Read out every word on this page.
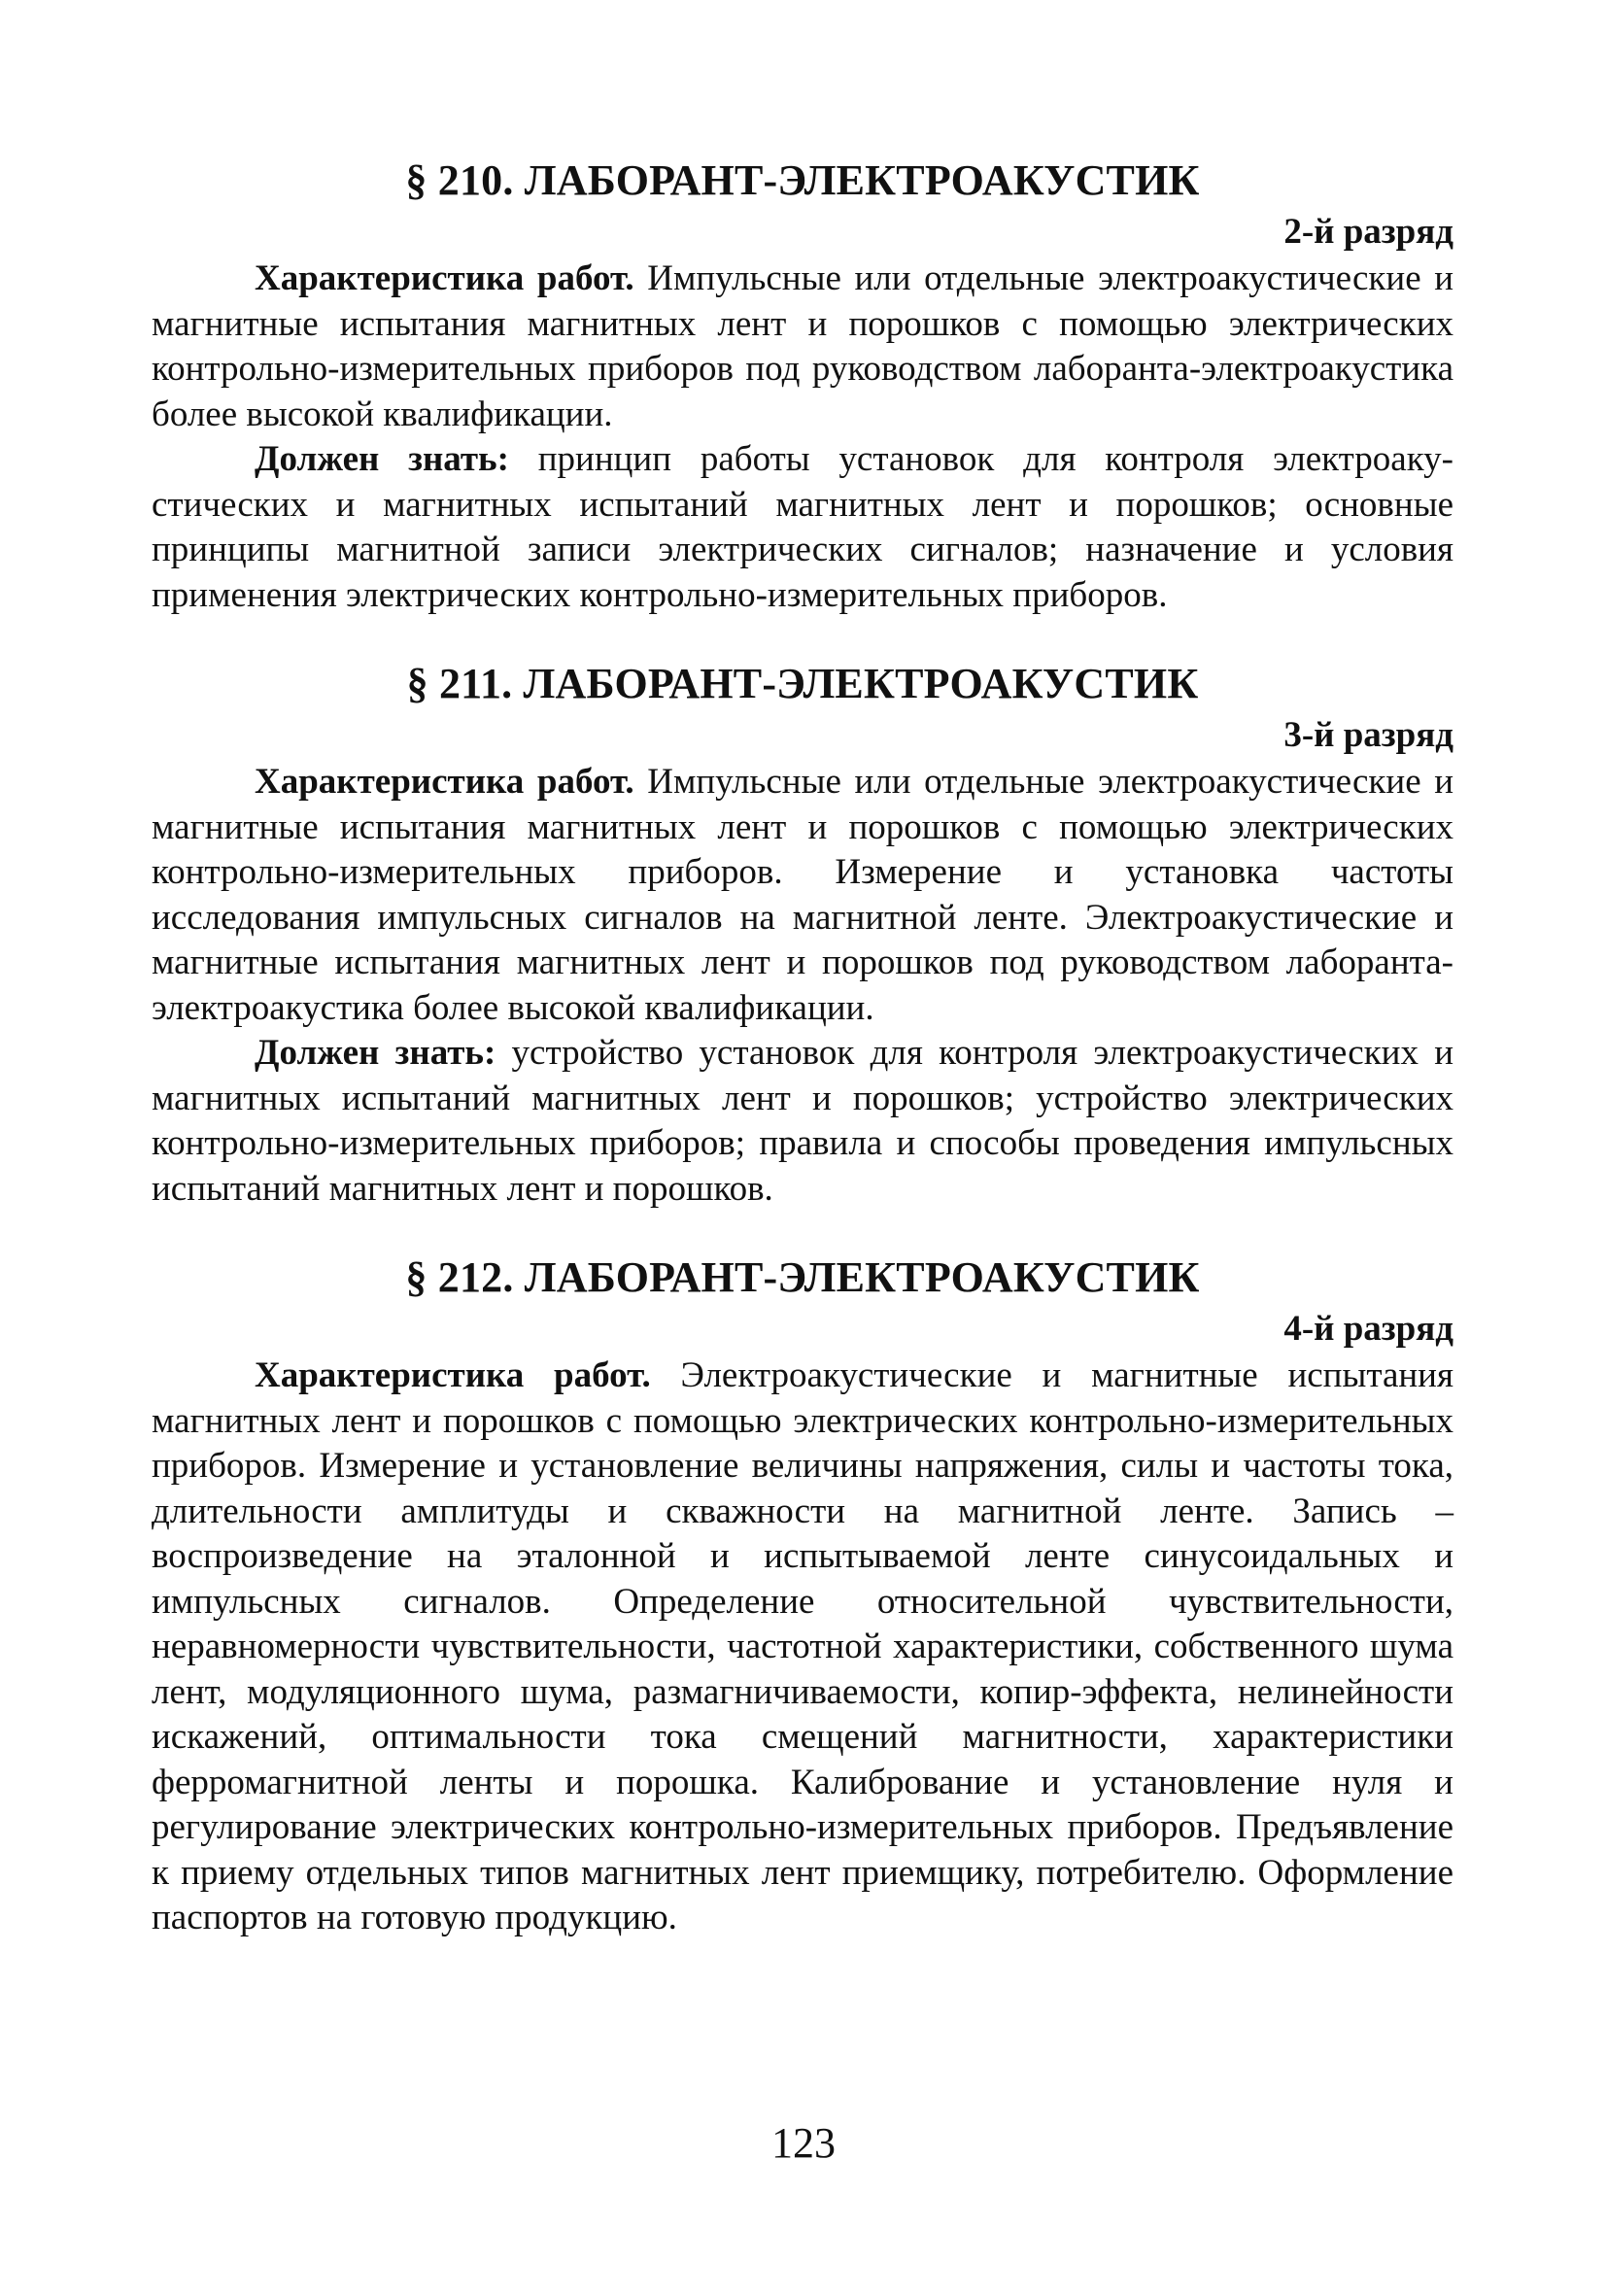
§ 210. ЛАБОРАНТ-ЭЛЕКТРОАКУСТИК
2-й разряд

Характеристика работ. Импульсные или отдельные электроакустические и магнитные испытания магнитных лент и порошков с помощью электрических контрольно-измерительных приборов под руководством лаборанта-электроакустика более высокой квалификации.

Должен знать: принцип работы установок для контроля электроакустических и магнитных испытаний магнитных лент и порошков; основные принципы магнитной записи электрических сигналов; назначение и условия применения электрических контрольно-измерительных приборов.

§ 211. ЛАБОРАНТ-ЭЛЕКТРОАКУСТИК
3-й разряд

Характеристика работ. Импульсные или отдельные электроакустические и магнитные испытания магнитных лент и порошков с помощью электрических контрольно-измерительных приборов. Измерение и установка частоты исследования импульсных сигналов на магнитной ленте. Электроакустические и магнитные испытания магнитных лент и порошков под руководством лаборанта-электроакустика более высокой квалификации.

Должен знать: устройство установок для контроля электроакустических и магнитных испытаний магнитных лент и порошков; устройство электрических контрольно-измерительных приборов; правила и способы проведения импульсных испытаний магнитных лент и порошков.

§ 212. ЛАБОРАНТ-ЭЛЕКТРОАКУСТИК
4-й разряд

Характеристика работ. Электроакустические и магнитные испытания магнитных лент и порошков с помощью электрических контрольно-измерительных приборов. Измерение и установление величины напряжения, силы и частоты тока, длительности амплитуды и скважности на магнитной ленте. Запись – воспроизведение на эталонной и испытываемой ленте синусоидальных и импульсных сигналов. Определение относительной чувствительности, неравномерности чувствительности, частотной характеристики, собственного шума лент, модуляционного шума, размагничиваемости, копир-эффекта, нелинейности искажений, оптимальности тока смещений магнитности, характеристики ферромагнитной ленты и порошка. Калибрование и установление нуля и регулирование электрических контрольно-измерительных приборов. Предъявление к приему отдельных типов магнитных лент приемщику, потребителю. Оформление паспортов на готовую продукцию.

123
